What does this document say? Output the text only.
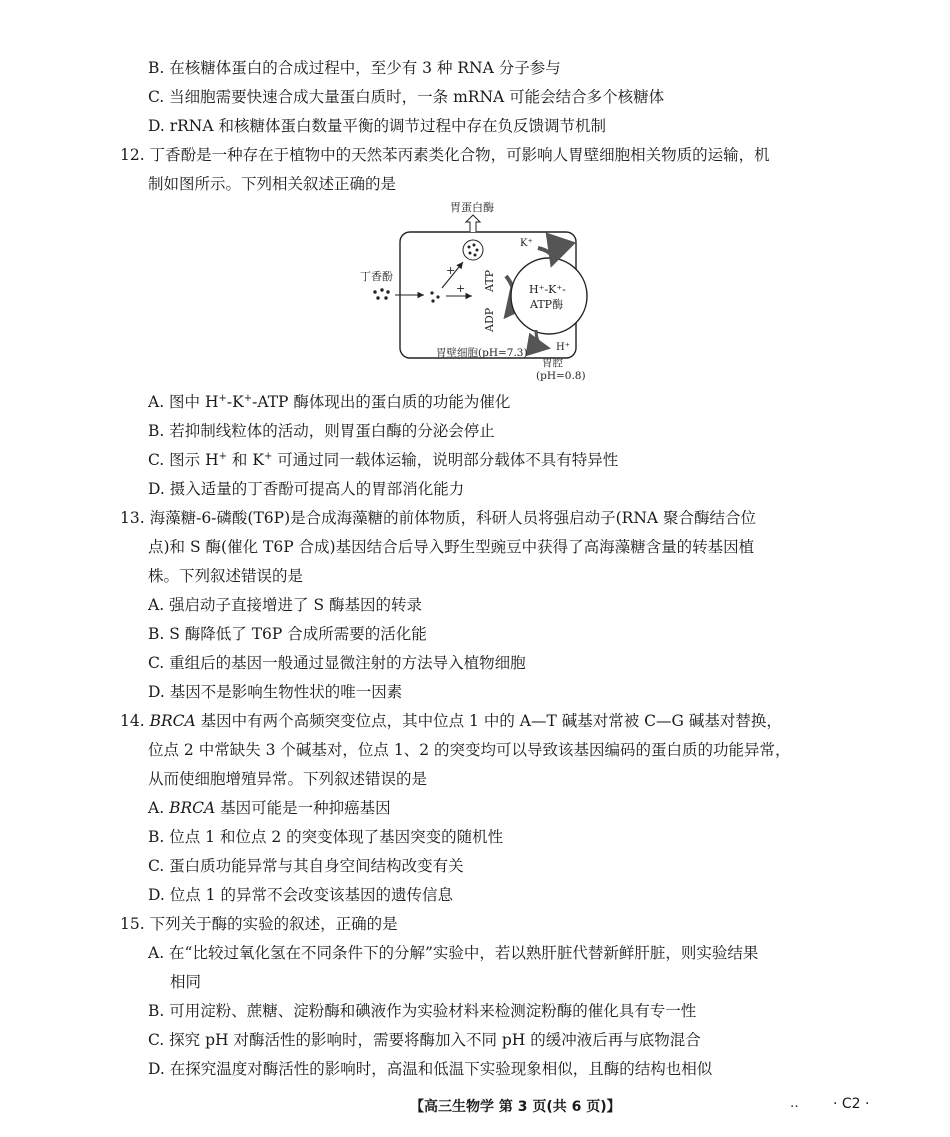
B. 在核糖体蛋白的合成过程中，至少有 3 种 RNA 分子参与
C. 当细胞需要快速合成大量蛋白质时，一条 mRNA 可能会结合多个核糖体
D. rRNA 和核糖体蛋白数量平衡的调节过程中存在负反馈调节机制
12. 丁香酚是一种存在于植物中的天然苯丙素类化合物，可影响人胃壁细胞相关物质的运输，机
制如图所示。下列相关叙述正确的是
胃蛋白酶
丁香酚	+
+ ATP
ADP
H⁺-K⁺-
ATP酶
K⁺
H⁺
胃壁细胞(pH=7.3)
胃腔
(pH=0.8)
A. 图中 H+-K+-ATP 酶体现出的蛋白质的功能为催化
B. 若抑制线粒体的活动，则胃蛋白酶的分泌会停止
C. 图示 H+ 和 K+ 可通过同一载体运输，说明部分载体不具有特异性
D. 摄入适量的丁香酚可提高人的胃部消化能力
13. 海藻糖-6-磷酸(T6P)是合成海藻糖的前体物质，科研人员将强启动子(RNA 聚合酶结合位
点)和 S 酶(催化 T6P 合成)基因结合后导入野生型豌豆中获得了高海藻糖含量的转基因植
株。下列叙述错误的是
A. 强启动子直接增进了 S 酶基因的转录
B. S 酶降低了 T6P 合成所需要的活化能
C. 重组后的基因一般通过显微注射的方法导入植物细胞
D. 基因不是影响生物性状的唯一因素
14. BRCA 基因中有两个高频突变位点，其中位点 1 中的 A—T 碱基对常被 C—G 碱基对替换，
位点 2 中常缺失 3 个碱基对，位点 1、2 的突变均可以导致该基因编码的蛋白质的功能异常，
从而使细胞增殖异常。下列叙述错误的是
A. BRCA 基因可能是一种抑癌基因
B. 位点 1 和位点 2 的突变体现了基因突变的随机性
C. 蛋白质功能异常与其自身空间结构改变有关
D. 位点 1 的异常不会改变该基因的遗传信息
15. 下列关于酶的实验的叙述，正确的是
A. 在“比较过氧化氢在不同条件下的分解”实验中，若以熟肝脏代替新鲜肝脏，则实验结果
相同
B. 可用淀粉、蔗糖、淀粉酶和碘液作为实验材料来检测淀粉酶的催化具有专一性
C. 探究 pH 对酶活性的影响时，需要将酶加入不同 pH 的缓冲液后再与底物混合
D. 在探究温度对酶活性的影响时，高温和低温下实验现象相似，且酶的结构也相似
【高三生物学 第 3 页(共 6 页)】	‥ · C2 ·
